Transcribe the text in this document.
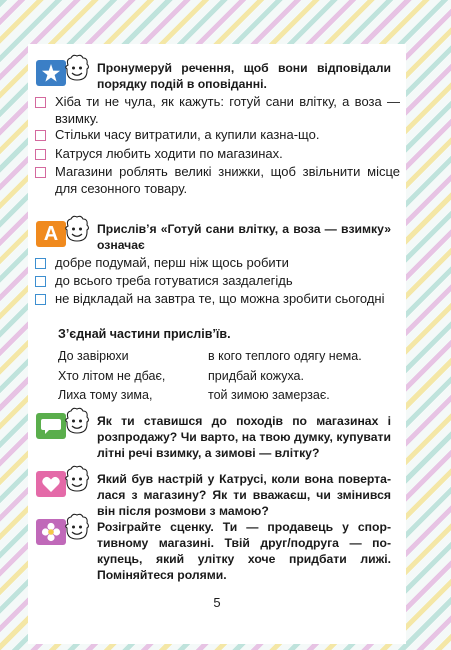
Пронумеруй речення, щоб вони відповідали порядку подій в оповіданні.
Хіба ти не чула, як кажуть: готуй сани влітку, а воза — взимку.
Стільки часу витратили, а купили казна-що.
Катруся любить ходити по магазинах.
Магазини роблять великі знижки, щоб звільнити місце для сезонного товару.
A	Прислів’я «Готуй сани влітку, а воза — взимку» означає
добре подумай, перш ніж щось робити
до всього треба готуватися заздалегідь
не відкладай на завтра те, що можна зробити сьогодні
З’єднай частини прислів’їв.
До завірюхи
Хто літом не дбає,
Лиха тому зима,
в кого теплого одягу нема.
придбай кожуха.
той зимою замерзає.
Як ти ставишся до походів по магазинах і розпродажу? Чи варто, на твою думку, купувати літні речі взимку, а зимові — влітку?
Який був настрій у Катрусі, коли вона поверталася з магазину? Як ти вважаєш, чи змінився він після розмови з мамою?
Розіграйте сценку. Ти — продавець у спортивному магазині. Твій друг/подруга — покупець, який улітку хоче придбати лижі. Поміняйтеся ролями.
5
